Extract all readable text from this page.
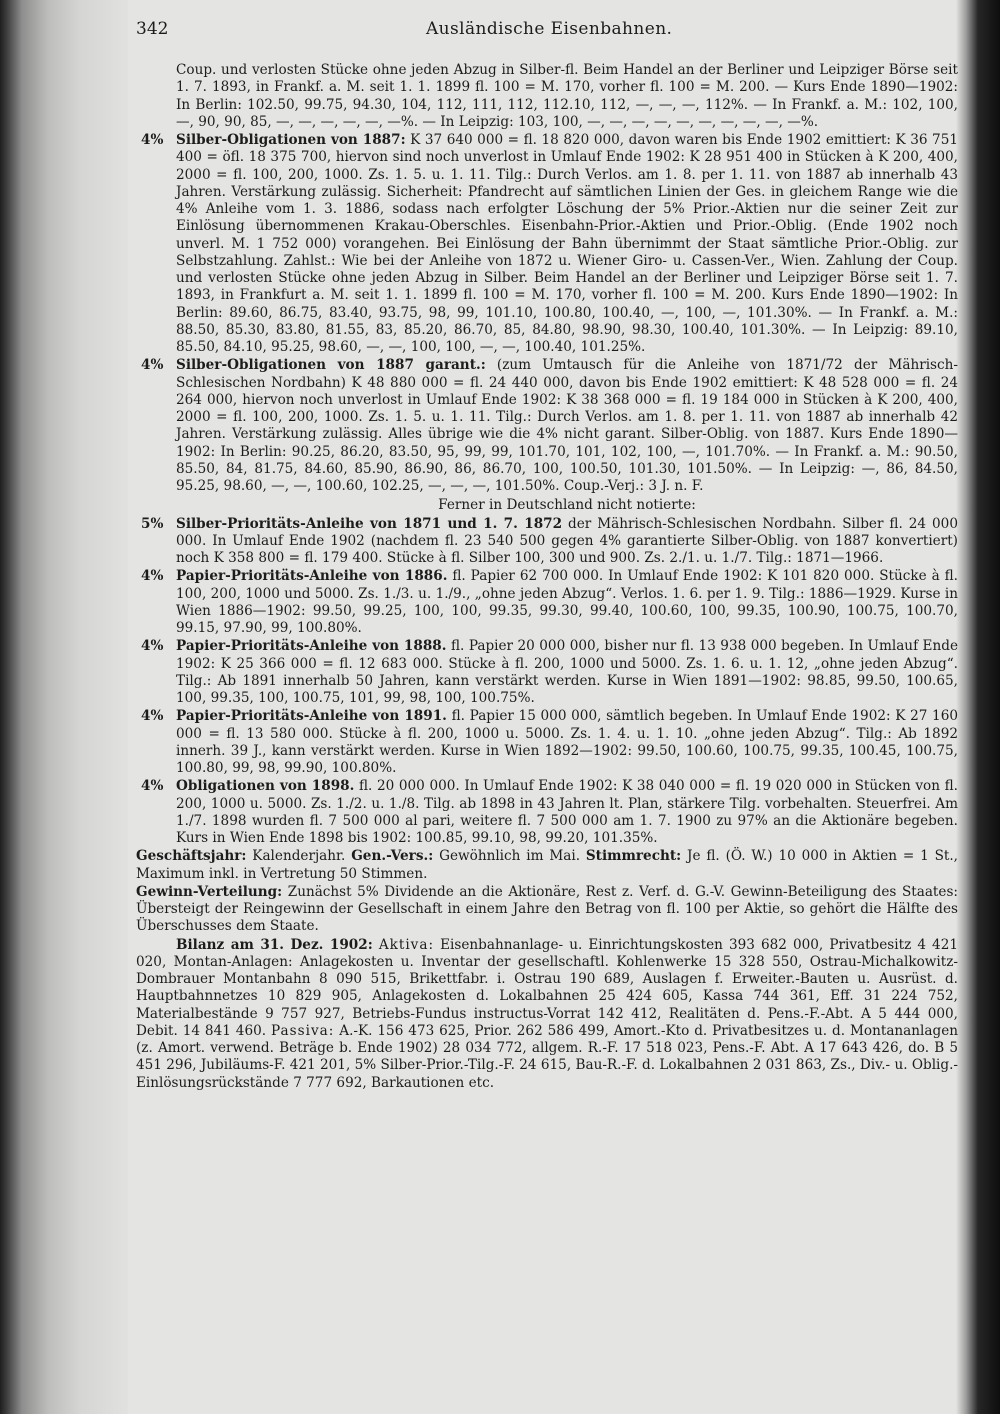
342	Ausländische Eisenbahnen.

Coup. und verlosten Stücke ohne jeden Abzug in Silber-fl. Beim Handel an der Berliner und Leipziger Börse seit 1. 7. 1893, in Frankf. a. M. seit 1. 1. 1899 fl. 100 = M. 170, vorher fl. 100 = M. 200. — Kurs Ende 1890—1902: In Berlin: 102.50, 99.75, 94.30, 104, 112, 111, 112, 112.10, 112, —, —, —, 112%. — In Frankf. a. M.: 102, 100, —, 90, 90, 85, —, —, —, —, —, —%. — In Leipzig: 103, 100, —, —, —, —, —, —, —, —, —, —%.

4% Silber-Obligationen von 1887: K 37 640 000 = fl. 18 820 000, davon waren bis Ende 1902 emittiert: K 36 751 400 = öfl. 18 375 700, hiervon sind noch unverlost in Umlauf Ende 1902: K 28 951 400 in Stücken à K 200, 400, 2000 = fl. 100, 200, 1000. Zs. 1. 5. u. 1. 11. Tilg.: Durch Verlos. am 1. 8. per 1. 11. von 1887 ab innerhalb 43 Jahren. Verstärkung zulässig. Sicherheit: Pfandrecht auf sämtlichen Linien der Ges. in gleichem Range wie die 4% Anleihe vom 1. 3. 1886, sodass nach erfolgter Löschung der 5% Prior.-Aktien nur die seiner Zeit zur Einlösung übernommenen Krakau-Oberschles. Eisenbahn-Prior.-Aktien und Prior.-Oblig. (Ende 1902 noch unverl. M. 1 752 000) vorangehen. Bei Einlösung der Bahn übernimmt der Staat sämtliche Prior.-Oblig. zur Selbstzahlung. Zahlst.: Wie bei der Anleihe von 1872 u. Wiener Giro- u. Cassen-Ver., Wien. Zahlung der Coup. und verlosten Stücke ohne jeden Abzug in Silber. Beim Handel an der Berliner und Leipziger Börse seit 1. 7. 1893, in Frankfurt a. M. seit 1. 1. 1899 fl. 100 = M. 170, vorher fl. 100 = M. 200. Kurs Ende 1890—1902: In Berlin: 89.60, 86.75, 83.40, 93.75, 98, 99, 101.10, 100.80, 100.40, —, 100, —, 101.30%. — In Frankf. a. M.: 88.50, 85.30, 83.80, 81.55, 83, 85.20, 86.70, 85, 84.80, 98.90, 98.30, 100.40, 101.30%. — In Leipzig: 89.10, 85.50, 84.10, 95.25, 98.60, —, —, 100, 100, —, —, 100.40, 101.25%.

4% Silber-Obligationen von 1887 garant.: (zum Umtausch für die Anleihe von 1871/72 der Mährisch-Schlesischen Nordbahn) K 48 880 000 = fl. 24 440 000, davon bis Ende 1902 emittiert: K 48 528 000 = fl. 24 264 000, hiervon noch unverlost in Umlauf Ende 1902: K 38 368 000 = fl. 19 184 000 in Stücken à K 200, 400, 2000 = fl. 100, 200, 1000. Zs. 1. 5. u. 1. 11. Tilg.: Durch Verlos. am 1. 8. per 1. 11. von 1887 ab innerhalb 42 Jahren. Verstärkung zulässig. Alles übrige wie die 4% nicht garant. Silber-Oblig. von 1887. Kurs Ende 1890—1902: In Berlin: 90.25, 86.20, 83.50, 95, 99, 99, 101.70, 101, 102, 100, —, 101.70%. — In Frankf. a. M.: 90.50, 85.50, 84, 81.75, 84.60, 85.90, 86.90, 86, 86.70, 100, 100.50, 101.30, 101.50%. — In Leipzig: —, 86, 84.50, 95.25, 98.60, —, —, 100.60, 102.25, —, —, —, 101.50%. Coup.-Verj.: 3 J. n. F.

Ferner in Deutschland nicht notierte:

5% Silber-Prioritäts-Anleihe von 1871 und 1. 7. 1872 der Mährisch-Schlesischen Nordbahn. Silber fl. 24 000 000. In Umlauf Ende 1902 (nachdem fl. 23 540 500 gegen 4% garantierte Silber-Oblig. von 1887 konvertiert) noch K 358 800 = fl. 179 400. Stücke à fl. Silber 100, 300 und 900. Zs. 2./1. u. 1./7. Tilg.: 1871—1966.

4% Papier-Prioritäts-Anleihe von 1886. fl. Papier 62 700 000. In Umlauf Ende 1902: K 101 820 000. Stücke à fl. 100, 200, 1000 und 5000. Zs. 1./3. u. 1./9., „ohne jeden Abzug“. Verlos. 1. 6. per 1. 9. Tilg.: 1886—1929. Kurse in Wien 1886—1902: 99.50, 99.25, 100, 100, 99.35, 99.30, 99.40, 100.60, 100, 99.35, 100.90, 100.75, 100.70, 99.15, 97.90, 99, 100.80%.

4% Papier-Prioritäts-Anleihe von 1888. fl. Papier 20 000 000, bisher nur fl. 13 938 000 begeben. In Umlauf Ende 1902: K 25 366 000 = fl. 12 683 000. Stücke à fl. 200, 1000 und 5000. Zs. 1. 6. u. 1. 12, „ohne jeden Abzug“. Tilg.: Ab 1891 innerhalb 50 Jahren, kann verstärkt werden. Kurse in Wien 1891—1902: 98.85, 99.50, 100.65, 100, 99.35, 100, 100.75, 101, 99, 98, 100, 100.75%.

4% Papier-Prioritäts-Anleihe von 1891. fl. Papier 15 000 000, sämtlich begeben. In Umlauf Ende 1902: K 27 160 000 = fl. 13 580 000. Stücke à fl. 200, 1000 u. 5000. Zs. 1. 4. u. 1. 10. „ohne jeden Abzug“. Tilg.: Ab 1892 innerh. 39 J., kann verstärkt werden. Kurse in Wien 1892—1902: 99.50, 100.60, 100.75, 99.35, 100.45, 100.75, 100.80, 99, 98, 99.90, 100.80%.

4% Obligationen von 1898. fl. 20 000 000. In Umlauf Ende 1902: K 38 040 000 = fl. 19 020 000 in Stücken von fl. 200, 1000 u. 5000. Zs. 1./2. u. 1./8. Tilg. ab 1898 in 43 Jahren lt. Plan, stärkere Tilg. vorbehalten. Steuerfrei. Am 1./7. 1898 wurden fl. 7 500 000 al pari, weitere fl. 7 500 000 am 1. 7. 1900 zu 97% an die Aktionäre begeben. Kurs in Wien Ende 1898 bis 1902: 100.85, 99.10, 98, 99.20, 101.35%.

Geschäftsjahr: Kalenderjahr. Gen.-Vers.: Gewöhnlich im Mai. Stimmrecht: Je fl. (Ö. W.) 10 000 in Aktien = 1 St., Maximum inkl. in Vertretung 50 Stimmen.

Gewinn-Verteilung: Zunächst 5% Dividende an die Aktionäre, Rest z. Verf. d. G.-V. Gewinn-Beteiligung des Staates: Übersteigt der Reingewinn der Gesellschaft in einem Jahre den Betrag von fl. 100 per Aktie, so gehört die Hälfte des Überschusses dem Staate.

Bilanz am 31. Dez. 1902: Aktiva: Eisenbahnanlage- u. Einrichtungskosten 393 682 000, Privatbesitz 4 421 020, Montan-Anlagen: Anlagekosten u. Inventar der gesellschaftl. Kohlenwerke 15 328 550, Ostrau-Michalkowitz-Dombrauer Montanbahn 8 090 515, Brikettfabr. i. Ostrau 190 689, Auslagen f. Erweiter.-Bauten u. Ausrüst. d. Hauptbahnnetzes 10 829 905, Anlagekosten d. Lokalbahnen 25 424 605, Kassa 744 361, Eff. 31 224 752, Materialbestände 9 757 927, Betriebs-Fundus instructus-Vorrat 142 412, Realitäten d. Pens.-F.-Abt. A 5 444 000, Debit. 14 841 460. Passiva: A.-K. 156 473 625, Prior. 262 586 499, Amort.-Kto d. Privatbesitzes u. d. Montananlagen (z. Amort. verwend. Beträge b. Ende 1902) 28 034 772, allgem. R.-F. 17 518 023, Pens.-F. Abt. A 17 643 426, do. B 5 451 296, Jubiläums-F. 421 201, 5% Silber-Prior.-Tilg.-F. 24 615, Bau-R.-F. d. Lokalbahnen 2 031 863, Zs., Div.- u. Oblig.-Einlösungsrückstände 7 777 692, Barkautionen etc.
